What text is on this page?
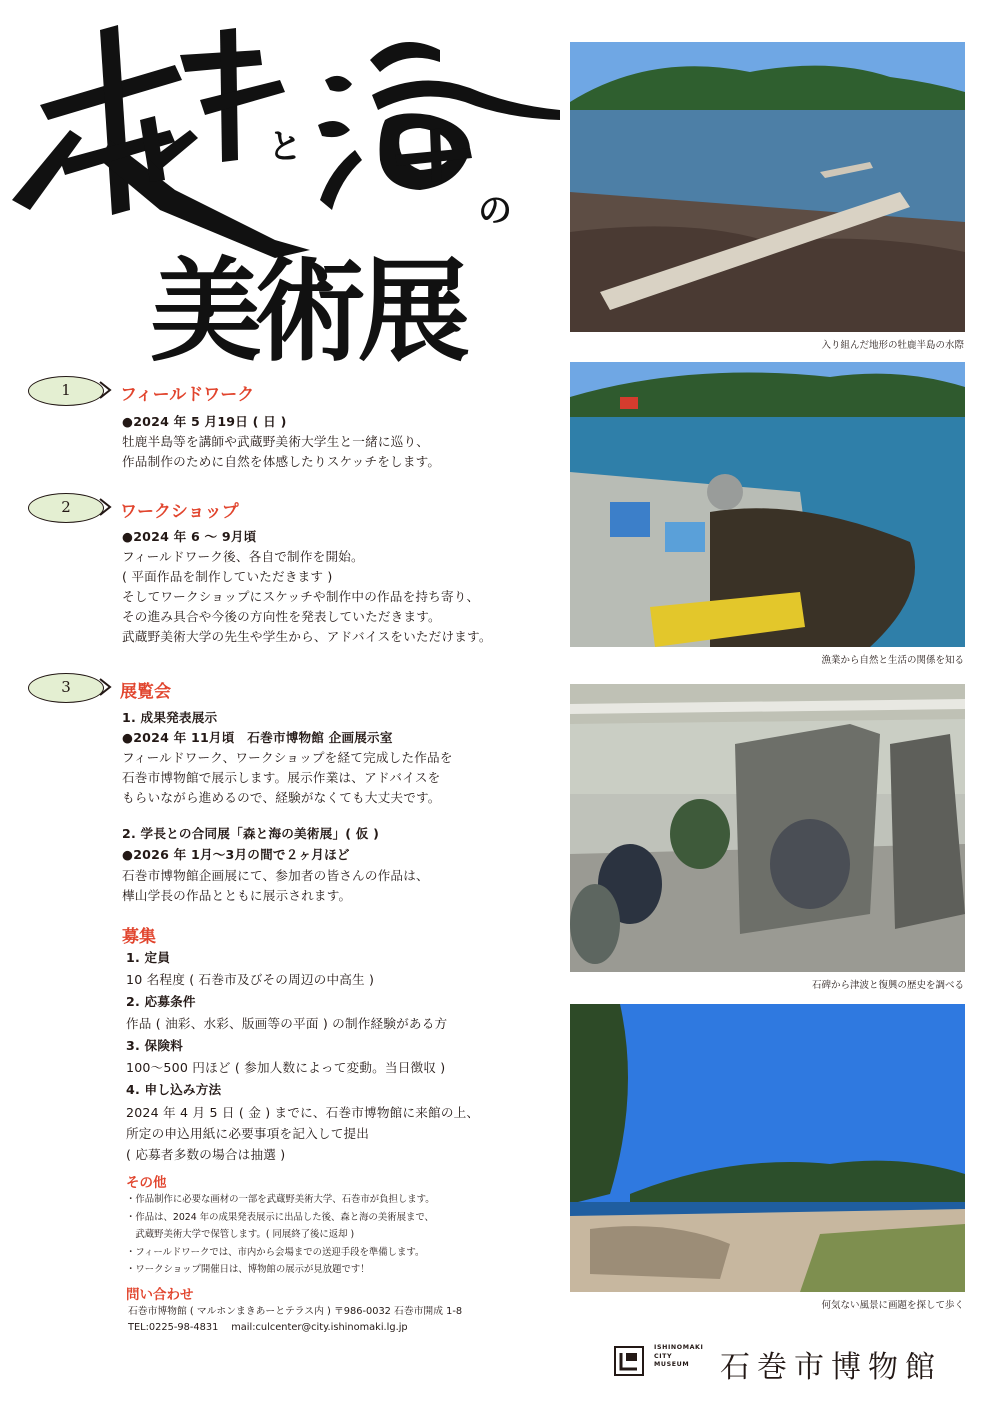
と
の
美術展	入り組んだ地形の牡鹿半島の水際
漁業から自然と生活の関係を知る
石碑から津波と復興の歴史を調べる
何気ない風景に画題を探して歩く
1	フィールドワーク
●2024 年 5 月19日 ( 日 )
牡鹿半島等を講師や武蔵野美術大学生と一緒に巡り、
作品制作のために自然を体感したりスケッチをします。
2	ワークショップ
●2024 年 6 〜 9月頃
フィールドワーク後、各自で制作を開始。
( 平面作品を制作していただきます )
そしてワークショップにスケッチや制作中の作品を持ち寄り、
その進み具合や今後の方向性を発表していただきます。
武蔵野美術大学の先生や学生から、アドバイスをいただけます。
3	展覧会
1. 成果発表展示
●2024 年 11月頃　石巻市博物館 企画展示室
フィールドワーク、ワークショップを経て完成した作品を
石巻市博物館で展示します。展示作業は、アドバイスを
もらいながら進めるので、経験がなくても大丈夫です。
2. 学長との合同展「森と海の美術展」( 仮 )
●2026 年 1月〜3月の間で２ヶ月ほど
石巻市博物館企画展にて、参加者の皆さんの作品は、
樺山学長の作品とともに展示されます。
募集
1. 定員
10 名程度 ( 石巻市及びその周辺の中高生 )
2. 応募条件
作品 ( 油彩、水彩、版画等の平面 ) の制作経験がある方
3. 保険料
100〜500 円ほど ( 参加人数によって変動。当日徴収 )
4. 申し込み方法
2024 年 4 月 5 日 ( 金 ) までに、石巻市博物館に来館の上、
所定の申込用紙に必要事項を記入して提出
( 応募者多数の場合は抽選 )
その他
・作品制作に必要な画材の一部を武蔵野美術大学、石巻市が負担します。
・作品は、2024 年の成果発表展示に出品した後、森と海の美術展まで、
　武蔵野美術大学で保管します。( 同展終了後に返却 )
・フィールドワークでは、市内から会場までの送迎手段を準備します。
・ワークショップ開催日は、博物館の展示が見放題です！
問い合わせ
石巻市博物館 ( マルホンまきあーとテラス内 ) 〒986-0032 石巻市開成 1-8
TEL:0225-98-4831　 mail:culcenter@city.ishinomaki.lg.jp
ISHINOMAKI
CITY
MUSEUM	石巻市博物館
